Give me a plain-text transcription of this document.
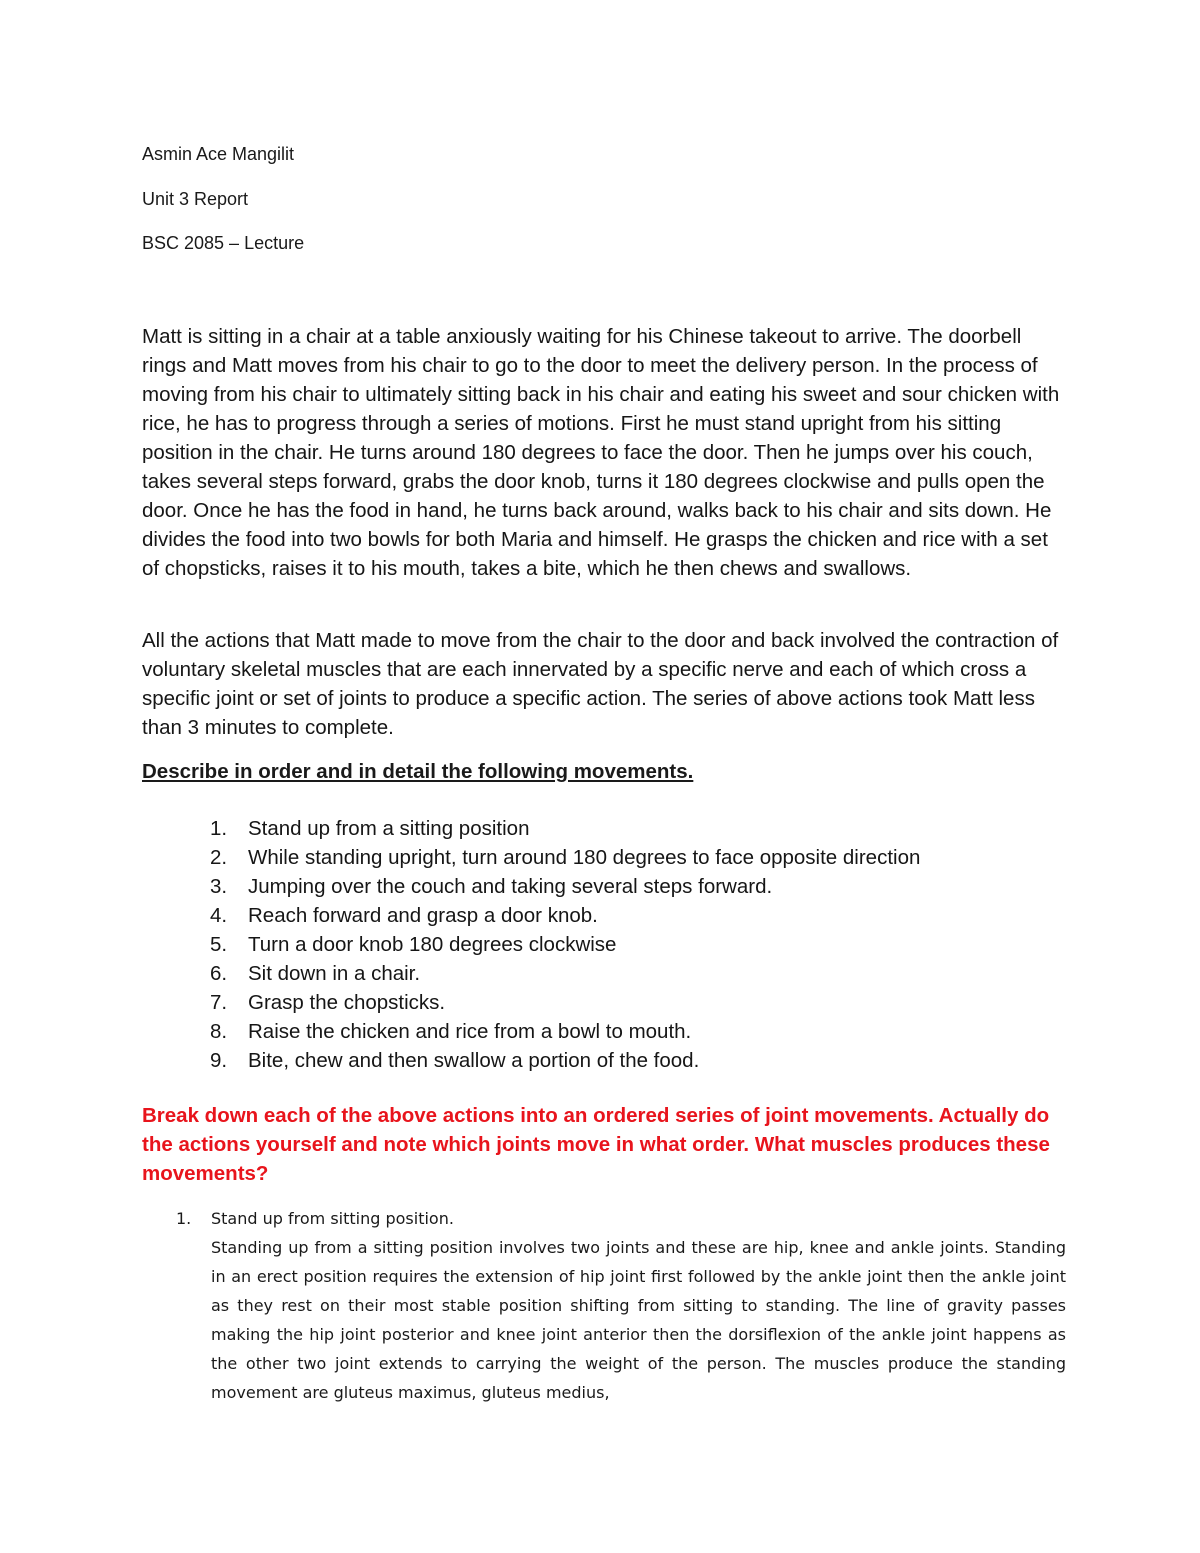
Asmin Ace Mangilit
Unit 3 Report
BSC 2085 – Lecture

Matt is sitting in a chair at a table anxiously waiting for his Chinese takeout to arrive. The doorbell rings and Matt moves from his chair to go to the door to meet the delivery person. In the process of moving from his chair to ultimately sitting back in his chair and eating his sweet and sour chicken with rice, he has to progress through a series of motions. First he must stand upright from his sitting position in the chair. He turns around 180 degrees to face the door. Then he jumps over his couch, takes several steps forward, grabs the door knob, turns it 180 degrees clockwise and pulls open the door. Once he has the food in hand, he turns back around, walks back to his chair and sits down. He divides the food into two bowls for both Maria and himself. He grasps the chicken and rice with a set of chopsticks, raises it to his mouth, takes a bite, which he then chews and swallows.

All the actions that Matt made to move from the chair to the door and back involved the contraction of voluntary skeletal muscles that are each innervated by a specific nerve and each of which cross a specific joint or set of joints to produce a specific action. The series of above actions took Matt less than 3 minutes to complete.

Describe in order and in detail the following movements.
1.	Stand up from a sitting position
2.	While standing upright, turn around 180 degrees to face opposite direction
3.	Jumping over the couch and taking several steps forward.
4.	Reach forward and grasp a door knob.
5.	Turn a door knob 180 degrees clockwise
6.	Sit down in a chair.
7.	Grasp the chopsticks.
8.	Raise the chicken and rice from a bowl to mouth.
9.	Bite, chew and then swallow a portion of the food.

Break down each of the above actions into an ordered series of joint movements. Actually do the actions yourself and note which joints move in what order. What muscles produces these movements?

1. Stand up from sitting position.

Standing up from a sitting position involves two joints and these are hip, knee and ankle joints. Standing in an erect position requires the extension of hip joint first followed by the ankle joint then the ankle joint as they rest on their most stable position shifting from sitting to standing. The line of gravity passes making the hip joint posterior and knee joint anterior then the dorsiflexion of the ankle joint happens as the other two joint extends to carrying the weight of the person. The muscles produce the standing movement are gluteus maximus, gluteus medius,
